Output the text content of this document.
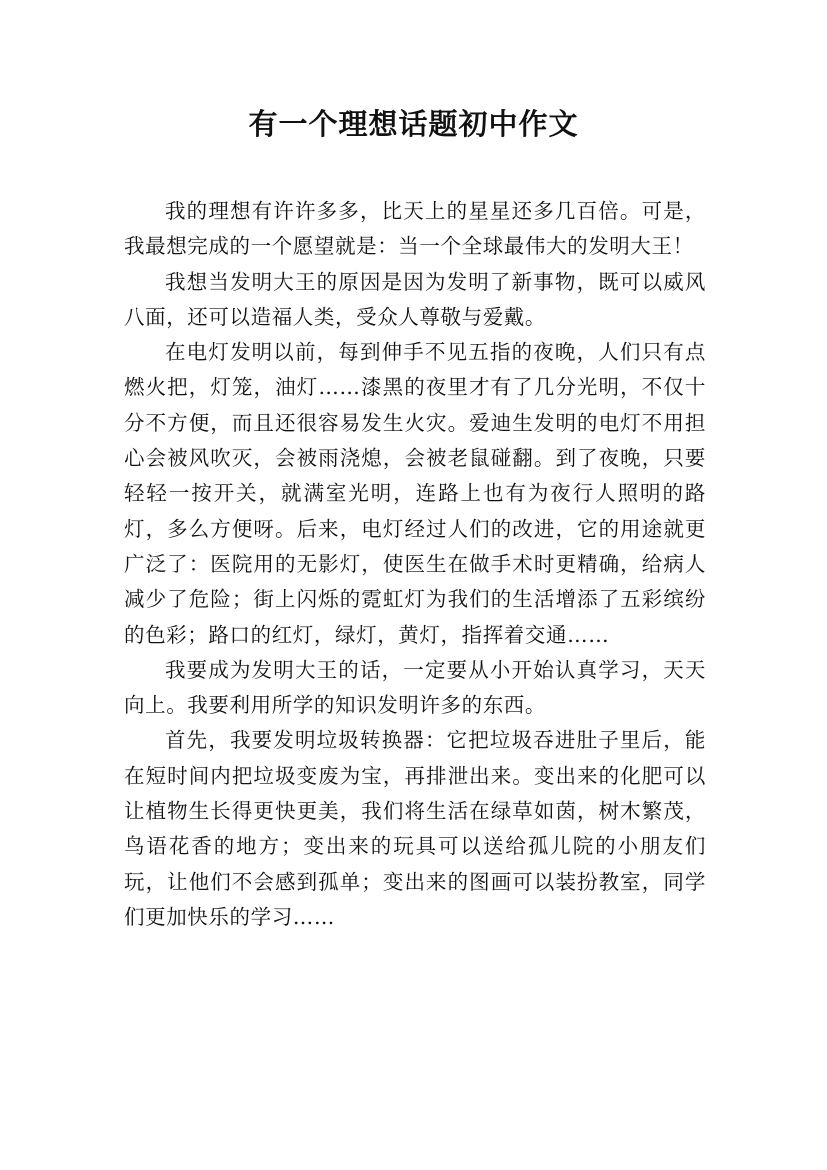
有一个理想话题初中作文

我的理想有许许多多，比天上的星星还多几百倍。可是，我最想完成的一个愿望就是：当一个全球最伟大的发明大王！

我想当发明大王的原因是因为发明了新事物，既可以威风八面，还可以造福人类，受众人尊敬与爱戴。

在电灯发明以前，每到伸手不见五指的夜晚，人们只有点燃火把，灯笼，油灯……漆黑的夜里才有了几分光明，不仅十分不方便，而且还很容易发生火灾。爱迪生发明的电灯不用担心会被风吹灭，会被雨浇熄，会被老鼠碰翻。到了夜晚，只要轻轻一按开关，就满室光明，连路上也有为夜行人照明的路灯，多么方便呀。后来，电灯经过人们的改进，它的用途就更广泛了：医院用的无影灯，使医生在做手术时更精确，给病人减少了危险；街上闪烁的霓虹灯为我们的生活增添了五彩缤纷的色彩；路口的红灯，绿灯，黄灯，指挥着交通……

我要成为发明大王的话，一定要从小开始认真学习，天天向上。我要利用所学的知识发明许多的东西。

首先，我要发明垃圾转换器：它把垃圾吞进肚子里后，能在短时间内把垃圾变废为宝，再排泄出来。变出来的化肥可以让植物生长得更快更美，我们将生活在绿草如茵，树木繁茂，鸟语花香的地方；变出来的玩具可以送给孤儿院的小朋友们玩，让他们不会感到孤单；变出来的图画可以装扮教室，同学们更加快乐的学习……
